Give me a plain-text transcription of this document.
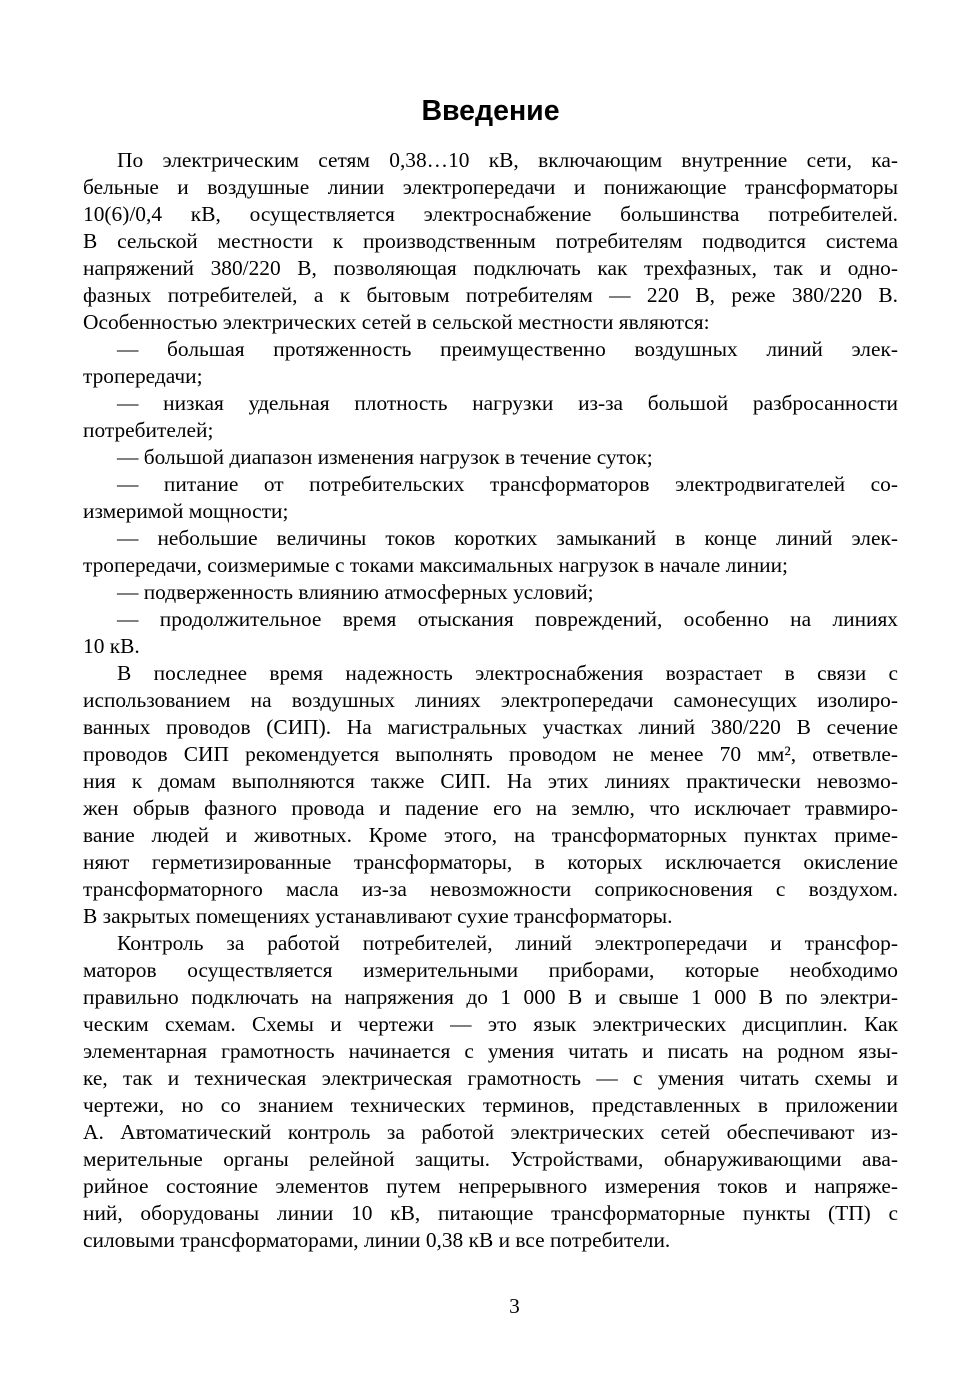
Введение
По электрическим сетям 0,38…10 кВ, включающим внутренние сети, ка-
бельные и воздушные линии электропередачи и понижающие трансформаторы
10(6)/0,4 кВ, осуществляется электроснабжение большинства потребителей.
В сельской местности к производственным потребителям подводится система
напряжений 380/220 В, позволяющая подключать как трехфазных, так и одно-
фазных потребителей, а к бытовым потребителям — 220 В, реже 380/220 В.
Особенностью электрических сетей в сельской местности являются:
— большая протяженность преимущественно воздушных линий элек-
тропередачи;
— низкая удельная плотность нагрузки из-за большой разбросанности
потребителей;
— большой диапазон изменения нагрузок в течение суток;
— питание от потребительских трансформаторов электродвигателей со-
измеримой мощности;
— небольшие величины токов коротких замыканий в конце линий элек-
тропередачи, соизмеримые с токами максимальных нагрузок в начале линии;
— подверженность влиянию атмосферных условий;
— продолжительное время отыскания повреждений, особенно на линиях
10 кВ.
В последнее время надежность электроснабжения возрастает в связи с
использованием на воздушных линиях электропередачи самонесущих изолиро-
ванных проводов (СИП). На магистральных участках линий 380/220 В сечение
проводов СИП рекомендуется выполнять проводом не менее 70 мм², ответвле-
ния к домам выполняются также СИП. На этих линиях практически невозмо-
жен обрыв фазного провода и падение его на землю, что исключает травмиро-
вание людей и животных. Кроме этого, на трансформаторных пунктах приме-
няют герметизированные трансформаторы, в которых исключается окисление
трансформаторного масла из-за невозможности соприкосновения с воздухом.
В закрытых помещениях устанавливают сухие трансформаторы.
Контроль за работой потребителей, линий электропередачи и трансфор-
маторов осуществляется измерительными приборами, которые необходимо
правильно подключать на напряжения до 1 000 В и свыше 1 000 В по электри-
ческим схемам. Схемы и чертежи — это язык электрических дисциплин. Как
элементарная грамотность начинается с умения читать и писать на родном язы-
ке, так и техническая электрическая грамотность — с умения читать схемы и
чертежи, но со знанием технических терминов, представленных в приложении
А. Автоматический контроль за работой электрических сетей обеспечивают из-
мерительные органы релейной защиты. Устройствами, обнаруживающими ава-
рийное состояние элементов путем непрерывного измерения токов и напряже-
ний, оборудованы линии 10 кВ, питающие трансформаторные пункты (ТП) с
силовыми трансформаторами, линии 0,38 кВ и все потребители.
3
